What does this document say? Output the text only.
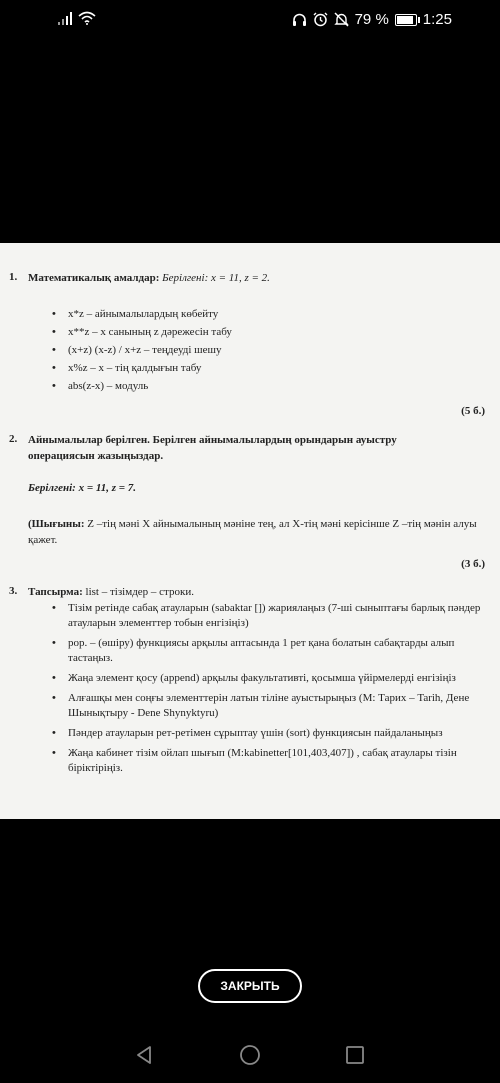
79 % 1:25
1. Математикалық амалдар: Берілгені: x = 11, z = 2.
• x*z – айнымалылардың көбейту
• x**z – x санының z дәрежесін табу
• (x+z) (x-z) / x+z – теңдеуді шешу
• x%z – x – тің қалдығын табу
• abs(z-x) – модуль
(5 б.)
2. Айнымалылар берілген. Берілген айнымалылардың орындарын ауыстру операциясын жазыңыздар.
Берілгені: x = 11, z = 7.
(Шығыны: Z –тің мәні X айнымалының мәніне тең, ал X-тің мәні керісінше Z –тің мәнін алуы қажет.
(3 б.)
3. Тапсырма: list – тізімдер – строки.
• Тізім ретінде сабақ атауларын (sabaktar []) жариялаңыз (7-ші сыныптағы барлық пәндер атауларын элементтер тобын енгізіңіз)
• pop. – (өшіру) функциясы арқылы аптасында 1 рет қана болатын сабақтарды алып тастаңыз.
• Жаңа элемент қосу (append) арқылы факультативті, қосымша үйірмелерді енгізіңіз
• Алғашқы мен соңғы элементтерін латын тіліне ауыстырыңыз (М: Тарих – Tarih, Дене Шынықтыру - Dene Shynyktyru)
• Пәндер атауларын рет-ретімен сұрыптау үшін (sort) функциясын пайдаланыңыз
• Жаңа кабинет тізім ойлап шығып (М:kabinetter[101,403,407]) , сабақ атаулары тізін біріктіріңіз.
ЗАКРЫТЬ
